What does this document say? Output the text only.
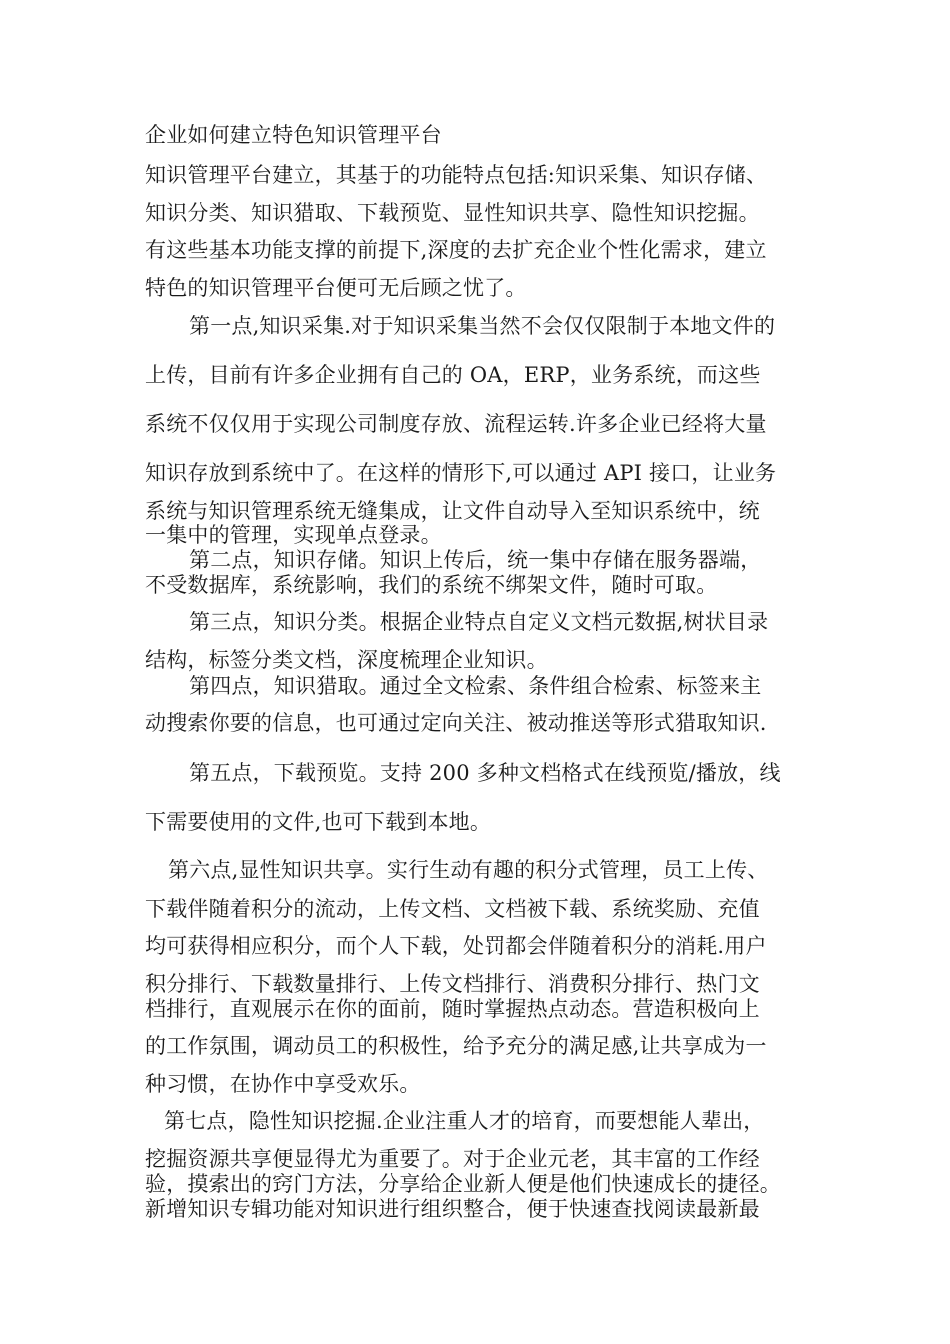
企业如何建立特色知识管理平台
知识管理平台建立，其基于的功能特点包括:知识采集、知识存储、
知识分类、知识猎取、下载预览、显性知识共享、隐性知识挖掘。
有这些基本功能支撑的前提下,深度的去扩充企业个性化需求，建立
特色的知识管理平台便可无后顾之忧了。
第一点,知识采集.对于知识采集当然不会仅仅限制于本地文件的
上传，目前有许多企业拥有自己的 OA，ERP，业务系统，而这些
系统不仅仅用于实现公司制度存放、流程运转.许多企业已经将大量
知识存放到系统中了。在这样的情形下,可以通过 API 接口，让业务
系统与知识管理系统无缝集成，让文件自动导入至知识系统中，统
一集中的管理，实现单点登录。
第二点，知识存储。知识上传后，统一集中存储在服务器端，
不受数据库，系统影响，我们的系统不绑架文件，随时可取。
第三点，知识分类。根据企业特点自定义文档元数据,树状目录
结构，标签分类文档，深度梳理企业知识。
第四点，知识猎取。通过全文检索、条件组合检索、标签来主
动搜索你要的信息，也可通过定向关注、被动推送等形式猎取知识.
第五点，下载预览。支持 200 多种文档格式在线预览/播放，线
下需要使用的文件,也可下载到本地。
第六点,显性知识共享。实行生动有趣的积分式管理，员工上传、
下载伴随着积分的流动，上传文档、文档被下载、系统奖励、充值
均可获得相应积分，而个人下载，处罚都会伴随着积分的消耗.用户
积分排行、下载数量排行、上传文档排行、消费积分排行、热门文
档排行，直观展示在你的面前，随时掌握热点动态。营造积极向上
的工作氛围，调动员工的积极性，给予充分的满足感,让共享成为一
种习惯，在协作中享受欢乐。
第七点，隐性知识挖掘.企业注重人才的培育，而要想能人辈出，
挖掘资源共享便显得尤为重要了。对于企业元老，其丰富的工作经
验，摸索出的窍门方法，分享给企业新人便是他们快速成长的捷径。
新增知识专辑功能对知识进行组织整合，便于快速查找阅读最新最
